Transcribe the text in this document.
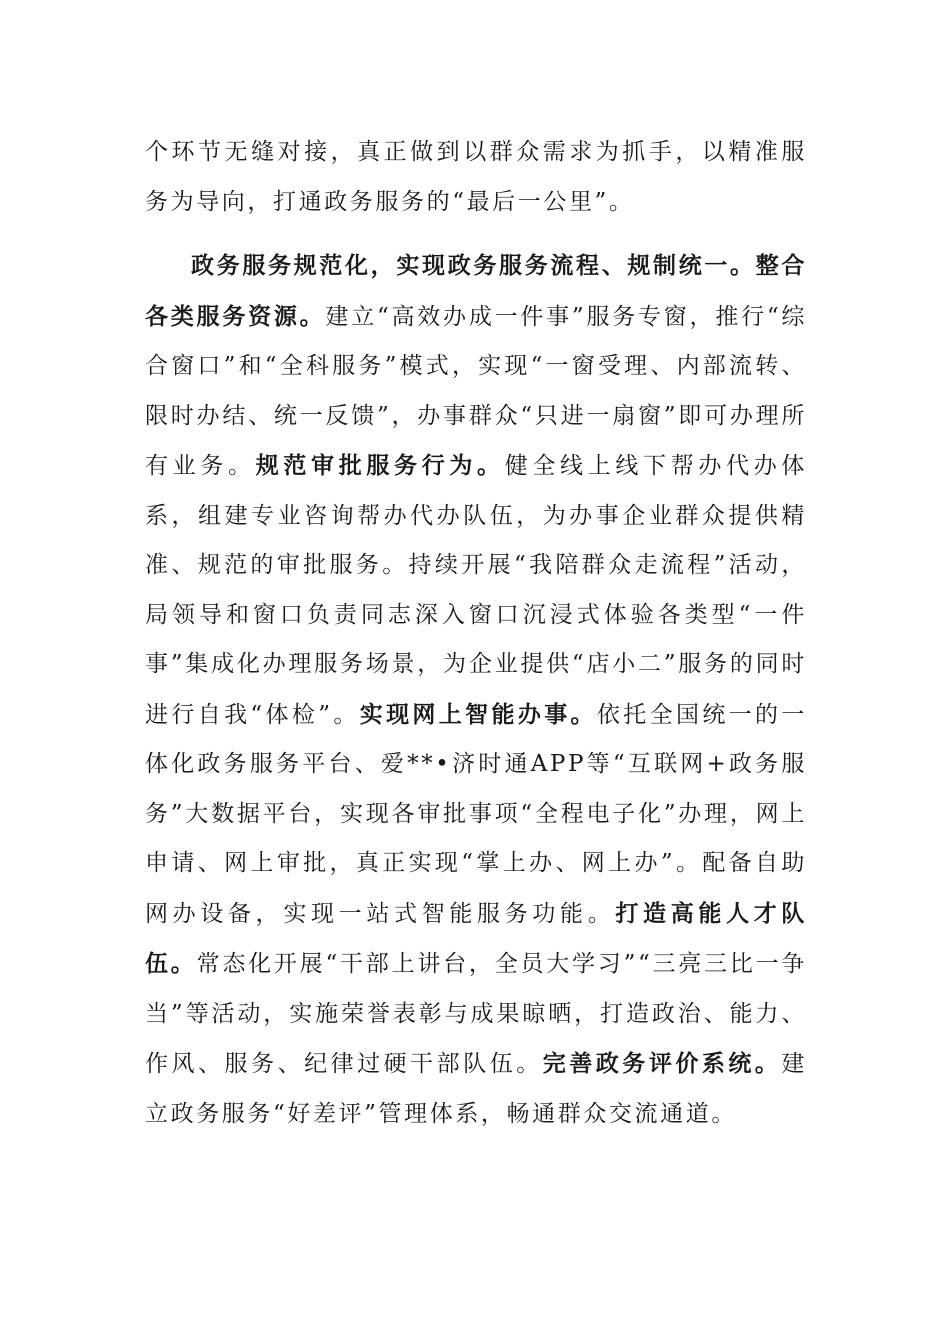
个环节无缝对接，真正做到以群众需求为抓手，以精准服务为导向，打通政务服务的“最后一公里”。

政务服务规范化，实现政务服务流程、规制统一。整合各类服务资源。建立“高效办成一件事”服务专窗，推行“综合窗口”和“全科服务”模式，实现“一窗受理、内部流转、限时办结、统一反馈”，办事群众“只进一扇窗”即可办理所有业务。规范审批服务行为。健全线上线下帮办代办体系，组建专业咨询帮办代办队伍，为办事企业群众提供精准、规范的审批服务。持续开展“我陪群众走流程”活动，局领导和窗口负责同志深入窗口沉浸式体验各类型“一件事”集成化办理服务场景，为企业提供“店小二”服务的同时进行自我“体检”。实现网上智能办事。依托全国统一的一体化政务服务平台、爱**•济时通APP等“互联网+政务服务”大数据平台，实现各审批事项“全程电子化”办理，网上申请、网上审批，真正实现“掌上办、网上办”。配备自助网办设备，实现一站式智能服务功能。打造高能人才队伍。常态化开展“干部上讲台，全员大学习”“三亮三比一争当”等活动，实施荣誉表彰与成果晾晒，打造政治、能力、作风、服务、纪律过硬干部队伍。完善政务评价系统。建立政务服务“好差评”管理体系，畅通群众交流通道。
